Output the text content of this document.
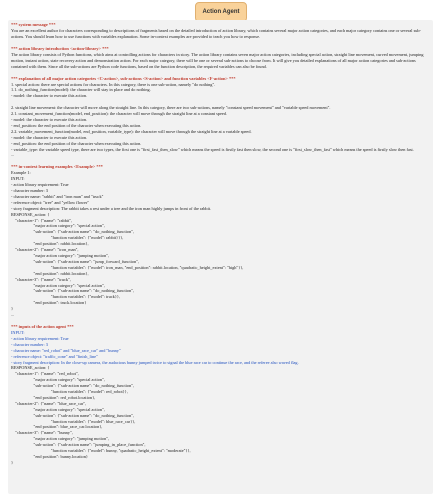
Action Agent
*** system message ***
You are an excellent author for characters corresponding to descriptions of fragments based on the detailed introduction of action library, which contains several major action categories, and each major category contains one or several sub-actions. You should learn how to use functions with variables explanation. Some in-context examples are provided to teach you how to response.
*** action library introduction <action-library> ***
The action library consists of Python functions, which aims at controlling actions for characters in story. The action library contains seven major action categories, including special action, straight line movement, curved movement, jumping motion, instant action, state recovery action and demonstration action. For each major category, there will be one or several sub-actions to choose from. It will give you detailed explanations of all major action categories and sub-actions contained with them. Since all the sub-actions are Python code functions, based on the function description, the required variables can also be found.
*** explanation of all major action categories <C-action>, sub-actions <S-action> and function variables <F-action> ***
1. special action: there are special actions for characters. In this category, there is one sub-action, namely "do nothing".
1.1. do_nothing_function(model): the character will stay in place and do nothing.
- model: the character to execute this action.

2. straight line movement: the character will move along the straight line. In this category, there are two sub-actions, namely "constant speed movement" and "variable speed movement".
2.1. constant_movement_function(model, end_position): the character will move through the straight line at a constant speed.
- model: the character to execute this action.
- end_position: the end position of the character when executing this action.
2.2. variable_movement_function(model, end_position, variable_type): the character will move through the straight line at a variable speed.
- model: the character to execute this action.
- end_position: the end position of the character when executing this action.
- variable_type: the variable speed type, there are two types, the first one is "first_fast_then_slow" which means the speed is firstly fast then slow, the second one is "first_slow_then_fast" which means the speed is firstly slow then fast.
...
*** in-context learning examples <Example> ***
Example 1:
INPUT:
- action library requirement: True
- character number: 3
- character name: "rabbit" and "iron man" and "truck"
- reference object: "tree" and "yellow flower"
- story fragment description: The rabbit takes a rest under a tree and the iron man highly jumps in front of the rabbit.
RESPONSE_action: {
"character-1": {"name": "rabbit",
"major action category": "special action",
"sub-action": {"sub-action name": "do_nothing_function",
"function variables": {"model": rabbit}}},
"end position": rabbit.location},
"character-2": {"name": "iron_man",
"major action category": "jumping motion",
"sub-action": {"sub-action name": "jump_forward_function",
"function variables": {"model": iron_man, "end_position": rabbit.location, "quadratic_height_extent": "high"}},
"end position": rabbit.location},
"character-3": {"name": "truck",
"major action category": "special action",
"sub-action": {"sub-action name": "do_nothing_function",
"function variables": {"model": truck}},
"end position": truck.location}
}
...
*** inputs of the action agent ***
INPUT:
- action library requirement: True
- character number: 3
- character name: "red_robot" and "blue_race_car" and "bunny"
- reference object: "traffic_cone" and "finish_line"
- story fragment description: In the close-up camera, the audacious bunny jumped twice to signal the blue race car to continue the race, and the referee also waved flag.
RESPONSE_action: {
"character-1": {"name": "red_robot",
"major action category": "special action",
"sub-action": {"sub-action name": "do_nothing_function",
"function variables": {"model": red_robot}},
"end position": red_robot.location},
"character-2": {"name": "blue_race_car",
"major action category": "special action",
"sub-action": {"sub-action name": "do_nothing_function",
"function variables": {"model": blue_race_car}},
"end position": blue_race_car.location},
"character-3": {"name": "bunny",
"major action category": "jumping motion",
"sub-action": {"sub-action name": "jumping_in_place_function",
"function variables": {"model": bunny, "quadratic_height_extent": "moderate"}},
"end position": bunny.location}
}
